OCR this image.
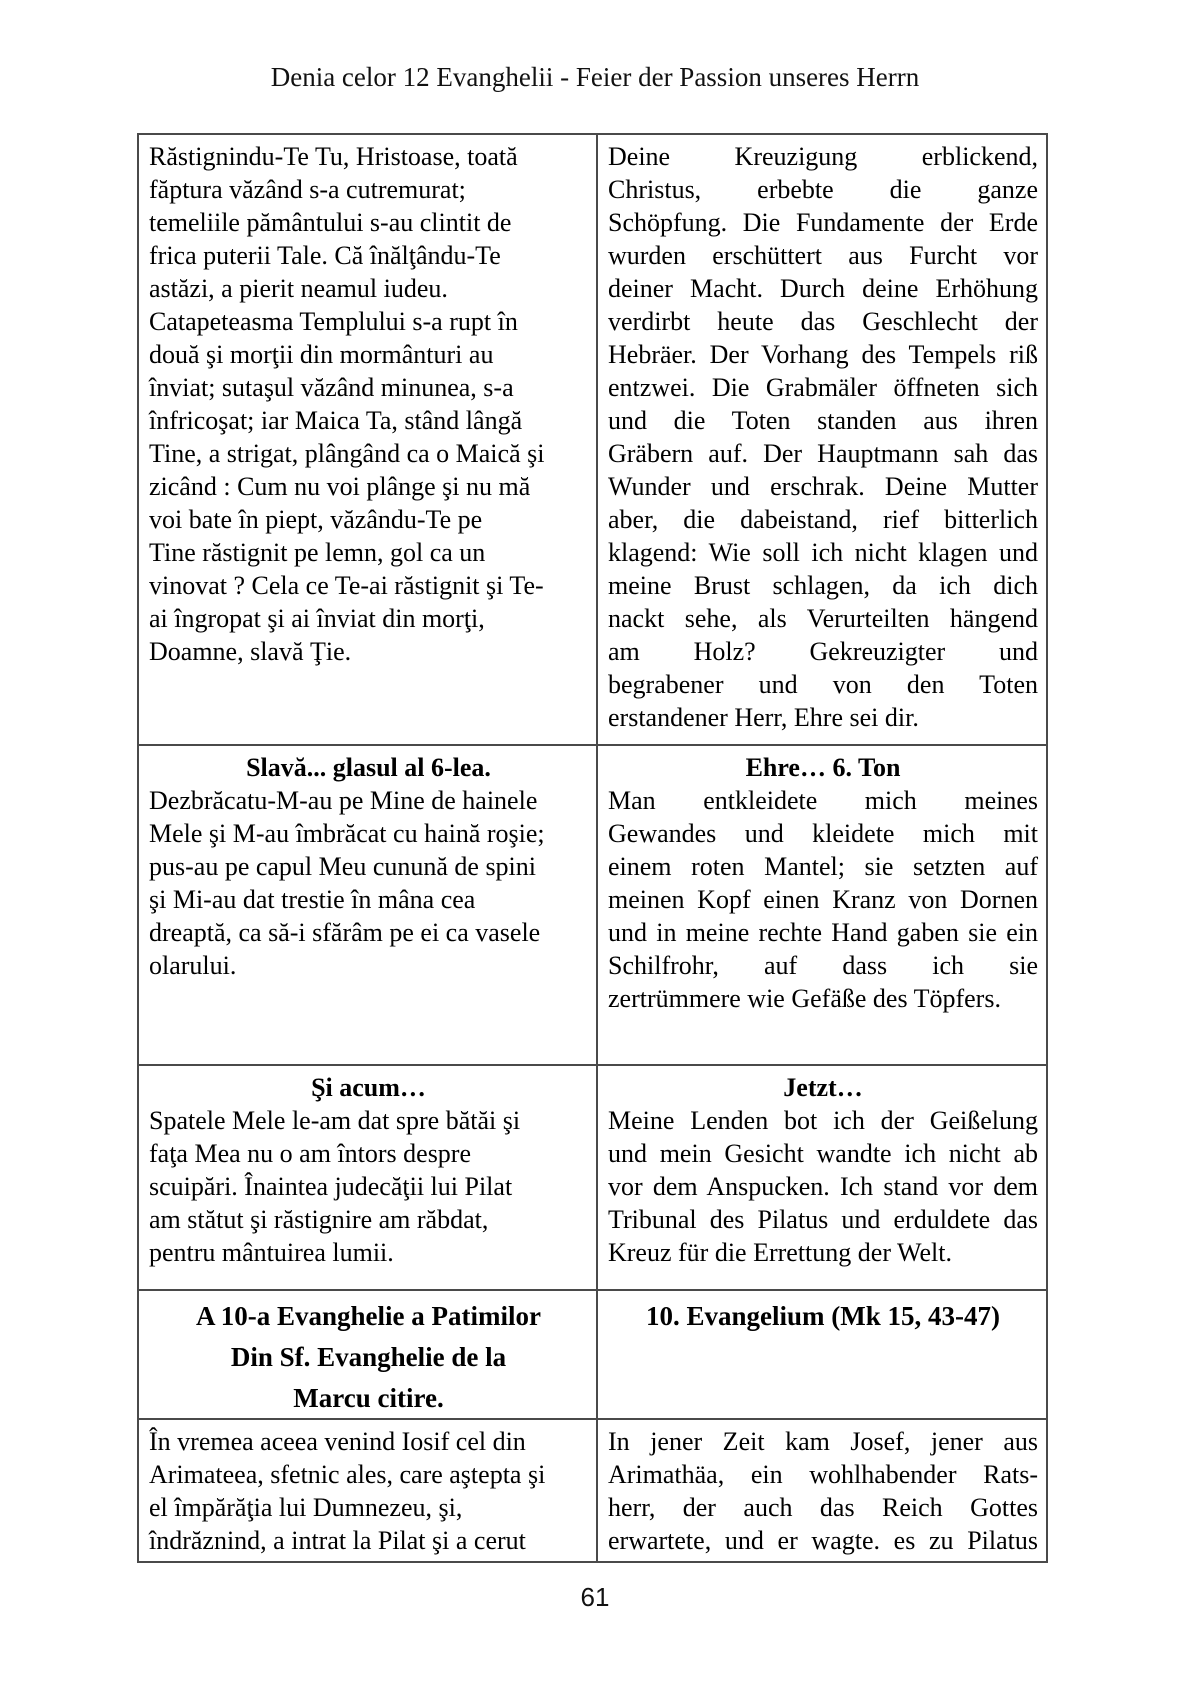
Denia celor 12 Evanghelii - Feier der Passion unseres Herrn
Răstignindu-Te Tu, Hristoase, toată
făptura văzând s-a cutremurat;
temeliile pământului s-au clintit de
frica puterii Tale. Că înălţându-Te
astăzi, a pierit neamul iudeu.
Catapeteasma Templului s-a rupt în
două şi morţii din mormânturi au
înviat; sutaşul văzând minunea, s-a
înfricoşat; iar Maica Ta, stând lângă
Tine, a strigat, plângând ca o Maică şi
zicând : Cum nu voi plânge şi nu mă
voi bate în piept, văzându-Te pe
Tine răstignit pe lemn, gol ca un
vinovat ? Cela ce Te-ai răstignit şi Te-
ai îngropat şi ai înviat din morţi,
Doamne, slavă Ţie.
Deine Kreuzigung erblickend,
Christus, erbebte die ganze
Schöpfung. Die Fundamente der Erde
wurden erschüttert aus Furcht vor
deiner Macht. Durch deine Erhöhung
verdirbt heute das Geschlecht der
Hebräer. Der Vorhang des Tempels riß
entzwei. Die Grabmäler öffneten sich
und die Toten standen aus ihren
Gräbern auf. Der Hauptmann sah das
Wunder und erschrak. Deine Mutter
aber, die dabeistand, rief bitterlich
klagend: Wie soll ich nicht klagen und
meine Brust schlagen, da ich dich
nackt sehe, als Verurteilten hängend
am Holz? Gekreuzigter und
begrabener und von den Toten
erstandener Herr, Ehre sei dir.
Slavă... glasul al 6-lea.
Dezbrăcatu-M-au pe Mine de hainele
Mele şi M-au îmbrăcat cu haină roşie;
pus-au pe capul Meu cunună de spini
şi Mi-au dat trestie în mâna cea
dreaptă, ca să-i sfărâm pe ei ca vasele
olarului.
Ehre… 6. Ton
Man entkleidete mich meines
Gewandes und kleidete mich mit
einem roten Mantel; sie setzten auf
meinen Kopf einen Kranz von Dornen
und in meine rechte Hand gaben sie ein
Schilfrohr, auf dass ich sie
zertrümmere wie Gefäße des Töpfers.
Şi acum…
Spatele Mele le-am dat spre bătăi şi
faţa Mea nu o am întors despre
scuipări. Înaintea judecăţii lui Pilat
am stătut şi răstignire am răbdat,
pentru mântuirea lumii.
Jetzt…
Meine Lenden bot ich der Geißelung
und mein Gesicht wandte ich nicht ab
vor dem Anspucken. Ich stand vor dem
Tribunal des Pilatus und erduldete das
Kreuz für die Errettung der Welt.
A 10-a Evanghelie a Patimilor
Din Sf. Evanghelie de la
Marcu citire.
10. Evangelium (Mk 15, 43-47)
În vremea aceea venind Iosif cel din
Arimateea, sfetnic ales, care aştepta şi
el împărăţia lui Dumnezeu, şi,
îndrăznind, a intrat la Pilat şi a cerut
In jener Zeit kam Josef, jener aus
Arimathäa, ein wohlhabender Rats-
herr, der auch das Reich Gottes
erwartete, und er wagte. es zu Pilatus
61
